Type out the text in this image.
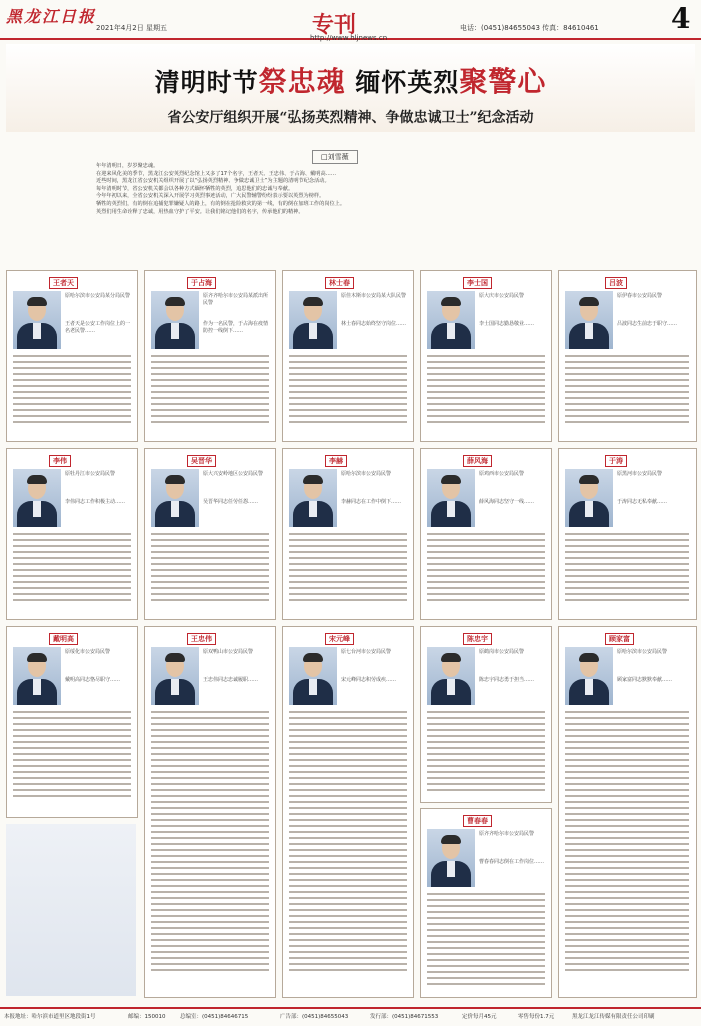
黑龙江日报
2021年4月2日 星期五	专刊
http://www.hljnews.cn
电话：(0451)84655043 传真：84610461	4
清明时节祭忠魂 缅怀英烈聚警心
省公安厅组织开展“弘扬英烈精神、争做忠诚卫士”纪念活动
□刘雪薇

年年清明日，岁岁聚忠魂。

在迎来风化美的季节，黑龙江公安英烈纪念馆上又多了17个名字，王者天、王忠伟、于占海、戴明高……

近些时间，黑龙江省公安机关组织开展了以“弘扬英烈精神、争做忠诚卫士”为主题的清明节纪念活动。

每年清明时节，省公安机关都会以各种方式缅怀牺牲的英烈，追思他们的忠诚与奉献。

今年年初以来，全省公安机关深入开展学习英烈事迹活动，广大民警辅警纷纷表示要以英烈为榜样。

牺牲的英烈们，有的倒在追捕犯罪嫌疑人的路上，有的倒在抢险救灾的第一线，有的倒在加班工作的岗位上。

英烈们用生命诠释了忠诚，用热血守护了平安。让我们铭记他们的名字，传承他们的精神。

王者天
原哈尔滨市公安局某分局民警
王者天是公安工作岗位上的一名老民警……
于占海
原齐齐哈尔市公安局某派出所民警
作为一名民警，于占海在疫情防控一线倒下……
林士春
原佳木斯市公安局某大队民警
林士春同志始终坚守岗位……
李士国
原大庆市公安局民警
李士国同志勤恳敬业……
吕波
原伊春市公安局民警
吕波同志生前忠于职守……
李伟
原牡丹江市公安局民警
李伟同志工作积极主动……
吴晋华
原大兴安岭地区公安局民警
吴晋华同志任劳任怨……
李赫
原哈尔滨市公安局民警
李赫同志在工作中倒下……
薛风海
原鸡西市公安局民警
薛风海同志坚守一线……
于涛
原黑河市公安局民警
于涛同志无私奉献……
戴明高
原绥化市公安局民警
戴明高同志恪尽职守……
王忠伟
原双鸭山市公安局民警
王忠伟同志忠诚履职……
宋元峰
原七台河市公安局民警
宋元峰同志积劳成疾……
陈忠宇
原鹤岗市公安局民警
陈忠宇同志勇于担当……
顾家富
原哈尔滨市公安局民警
顾家富同志默默奉献……
曹春春
原齐齐哈尔市公安局民警
曹春春同志倒在工作岗位……
本报地址：哈尔滨市道里区地段街1号	邮编：150010	总编室：(0451)84646715	广告部：(0451)84655043	发行部：(0451)84671553	定价每月45元	零售每份1.7元	黑龙江龙江传媒有限责任公司印刷
